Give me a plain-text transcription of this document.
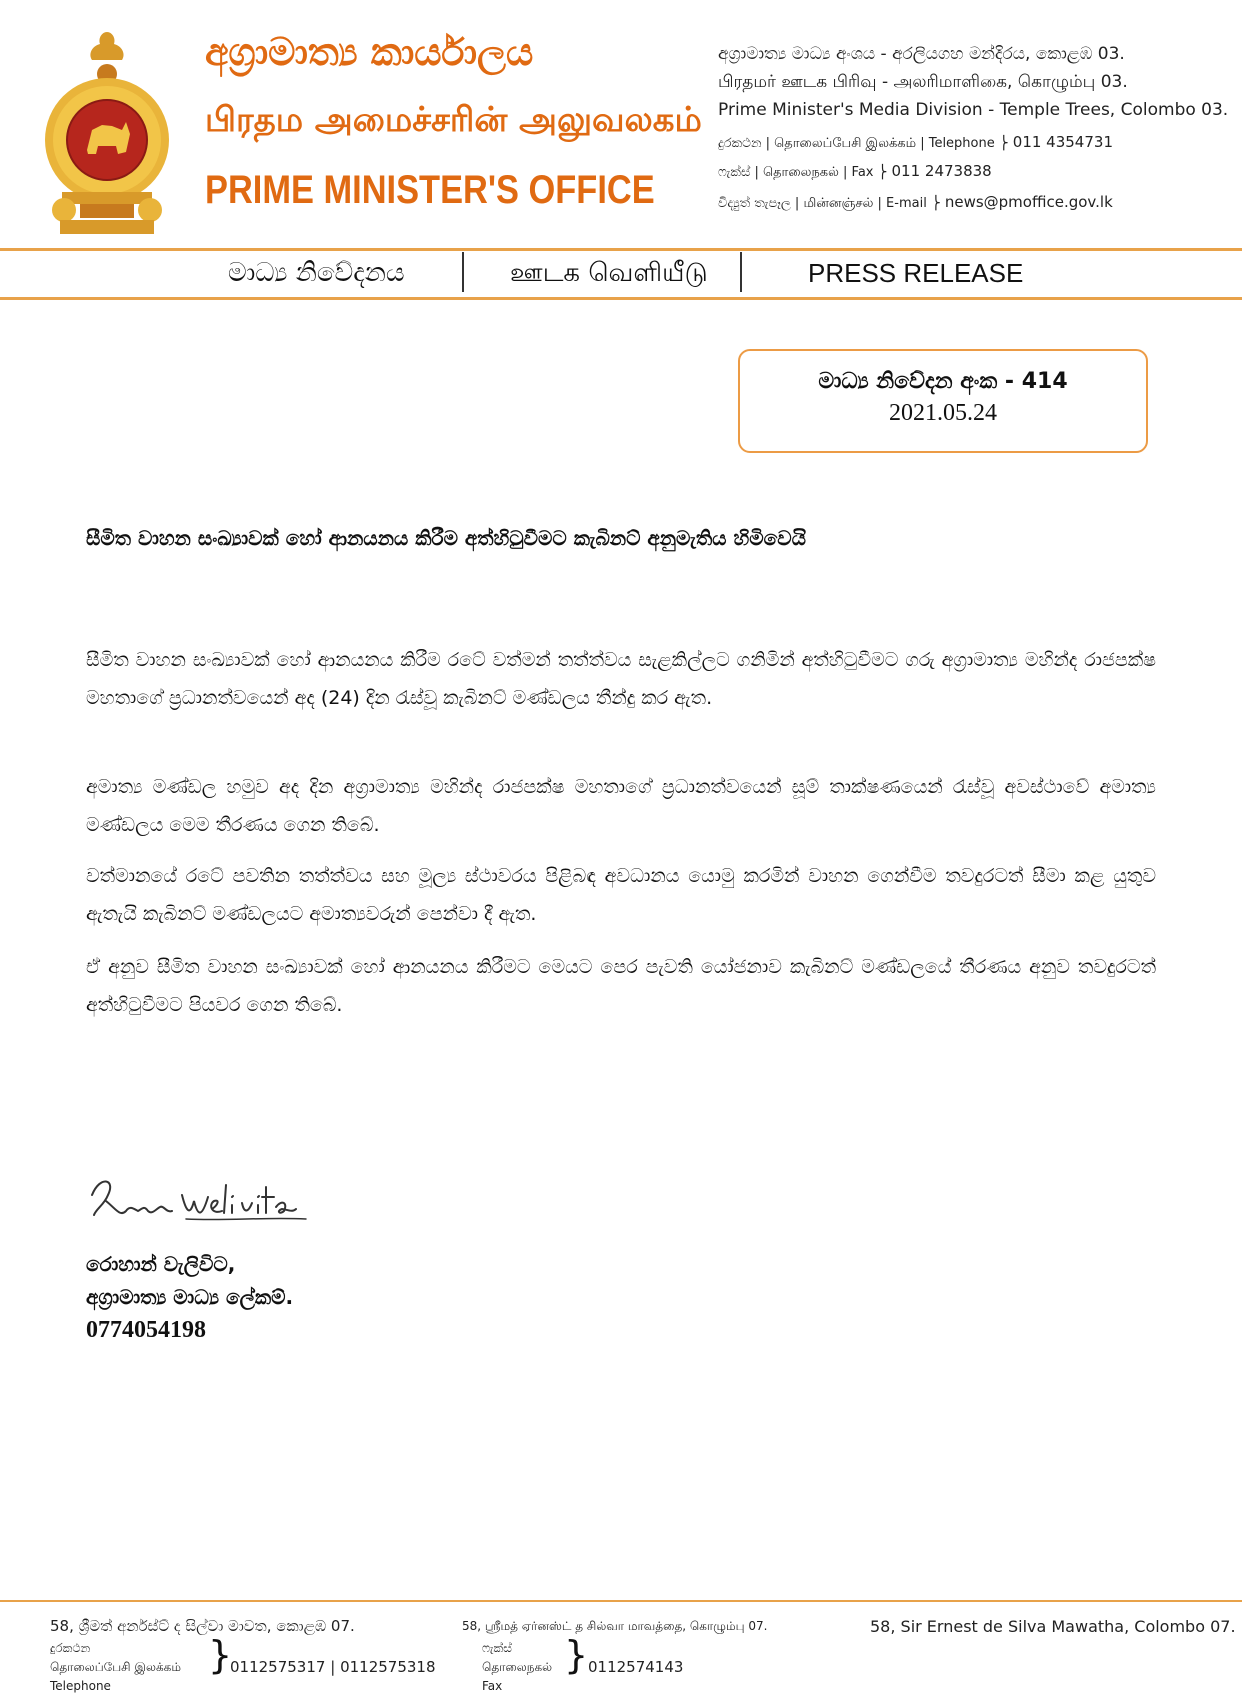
අග්‍රාමාත්‍ය කාර්යාලය
பிரதம அமைச்சரின் அலுவலகம்
PRIME MINISTER'S OFFICE
අග්‍රාමාත්‍ය මාධ්‍ය අංශය - අරලියගහ මන්දිරය, කොළඹ 03.
பிரதமர் ஊடக பிரிவு - அலரிமாளிகை, கொழும்பு 03.
Prime Minister's Media Division - Temple Trees, Colombo 03.
දුරකථන | தொலைப்பேசி இலக்கம் | Telephone ⎬ 011 4354731
ෆැක්ස් | தொலைநகல் | Fax ⎬ 011 2473838
විද්‍යුත් තැපෑල | மின்னஞ்சல் | E-mail ⎬ news@pmoffice.gov.lk
මාධ්‍ය නිවේදනය	ஊடக வெளியீடு	PRESS RELEASE
මාධ්‍ය නිවේදන අංක - 414
2021.05.24
සීමිත වාහන සංඛ්‍යාවක් හෝ ආනයනය කිරීම අත්හිටුවීමට කැබිනට් අනුමැතිය හිමිවෙයි
සීමිත වාහන සංඛ්‍යාවක් හෝ ආනයනය කිරීම රටේ වත්මන් තත්ත්වය සැළකිල්ලට ගනිමින් අත්හිටුවීමට ගරු අග්‍රාමාත්‍ය මහින්ද රාජපක්ෂ මහතාගේ ප්‍රධානත්වයෙන් අද (24) දින රැස්වූ කැබිනට් මණ්ඩලය තීන්දු කර ඇත.
අමාත්‍ය මණ්ඩල හමුව අද දින අග්‍රාමාත්‍ය මහින්ද රාජපක්ෂ මහතාගේ ප්‍රධානත්වයෙන් සූම් තාක්ෂණයෙන් රැස්වූ අවස්ථාවේ අමාත්‍ය මණ්ඩලය මෙම තීරණය ගෙන තිබේ.
වත්මානයේ රටේ පවතින තත්ත්වය සහ මූල්‍ය ස්ථාවරය පිළිබඳ අවධානය යොමු කරමින් වාහන ගෙන්වීම තවදුරටත් සීමා කළ යුතුව ඇතැයි කැබිනට් මණ්ඩලයට අමාත්‍යවරුන් පෙන්වා දී ඇත.
ඒ අනුව සීමිත වාහන සංඛ්‍යාවක් හෝ ආනයනය කිරීමට මෙයට පෙර පැවති යෝජනාව කැබිනට් මණ්ඩලයේ තීරණය අනුව තවදුරටත් අත්හිටුවීමට පියවර ගෙන තිබේ.
රොහාන් වැලිවිට,
අග්‍රාමාත්‍ය මාධ්‍ය ලේකම්.
0774054198
58, ශ්‍රීමත් අර්නස්ට් ද සිල්වා මාවත, කොළඹ 07.
දුරකථන
தொலைப்பேசி இலக்கம்
Telephone
}
0112575317 | 0112575318
58, ஸ்ரீமத் ஏர்னஸ்ட் த சில்வா மாவத்தை, கொழும்பு 07.
ෆැක්ස්
தொலைநகல்
Fax
} 0112574143
58, Sir Ernest de Silva Mawatha, Colombo 07.
